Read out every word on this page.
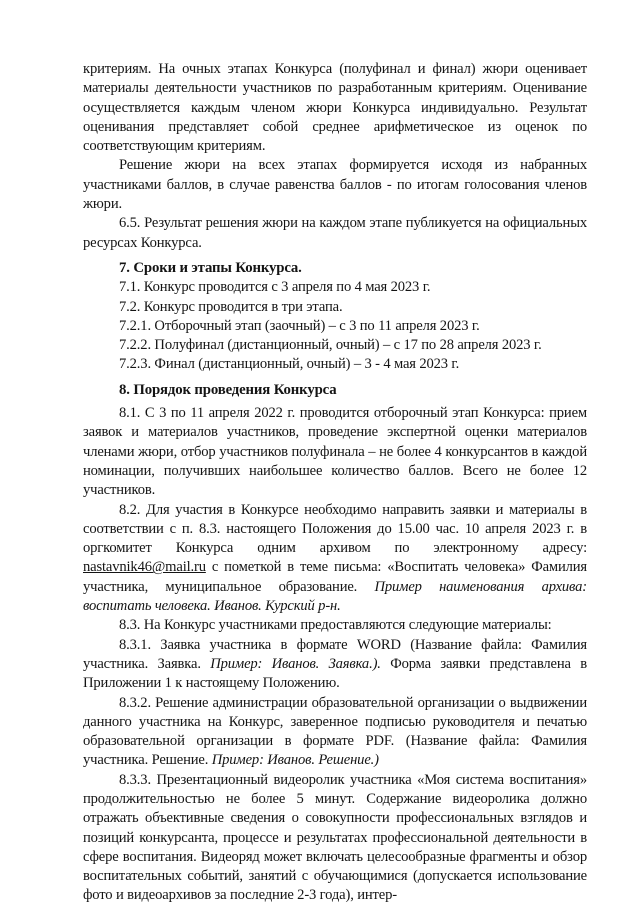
критериям. На очных этапах Конкурса (полуфинал и финал) жюри оценивает материалы деятельности участников по разработанным критериям. Оценивание осуществляется каждым членом жюри Конкурса индивидуально. Результат оценивания представляет собой среднее арифметическое из оценок по соответствующим критериям.

Решение жюри на всех этапах формируется исходя из набранных участниками баллов, в случае равенства баллов - по итогам голосования членов жюри.

6.5. Результат решения жюри на каждом этапе публикуется на официальных ресурсах Конкурса.

7. Сроки и этапы Конкурса.

7.1. Конкурс проводится с 3 апреля по 4 мая 2023 г.

7.2. Конкурс проводится в три этапа.

7.2.1. Отборочный этап (заочный) – с 3 по 11 апреля 2023 г.

7.2.2. Полуфинал (дистанционный, очный) – с 17 по 28 апреля 2023 г.

7.2.3. Финал (дистанционный, очный) – 3 - 4 мая 2023 г.

8. Порядок проведения Конкурса

8.1. С 3 по 11 апреля 2022 г. проводится отборочный этап Конкурса: прием заявок и материалов участников, проведение экспертной оценки материалов членами жюри, отбор участников полуфинала – не более 4 конкурсантов в каждой номинации, получивших наибольшее количество баллов. Всего не более 12 участников.

8.2. Для участия в Конкурсе необходимо направить заявки и материалы в соответствии с п. 8.3. настоящего Положения до 15.00 час. 10 апреля 2023 г. в оргкомитет Конкурса одним архивом по электронному адресу: nastavnik46@mail.ru с пометкой в теме письма: «Воспитать человека» Фамилия участника, муниципальное образование. Пример наименования архива: воспитать человека. Иванов. Курский р-н.

8.3. На Конкурс участниками предоставляются следующие материалы:

8.3.1. Заявка участника в формате WORD (Название файла: Фамилия участника. Заявка. Пример: Иванов. Заявка.). Форма заявки представлена в Приложении 1 к настоящему Положению.

8.3.2. Решение администрации образовательной организации о выдвижении данного участника на Конкурс, заверенное подписью руководителя и печатью образовательной организации в формате PDF. (Название файла: Фамилия участника. Решение. Пример: Иванов. Решение.)

8.3.3. Презентационный видеоролик участника «Моя система воспитания» продолжительностью не более 5 минут. Содержание видеоролика должно отражать объективные сведения о совокупности профессиональных взглядов и позиций конкурсанта, процессе и результатах профессиональной деятельности в сфере воспитания. Видеоряд может включать целесообразные фрагменты и обзор воспитательных событий, занятий с обучающимися (допускается использование фото и видеоархивов за последние 2-3 года), интер-
